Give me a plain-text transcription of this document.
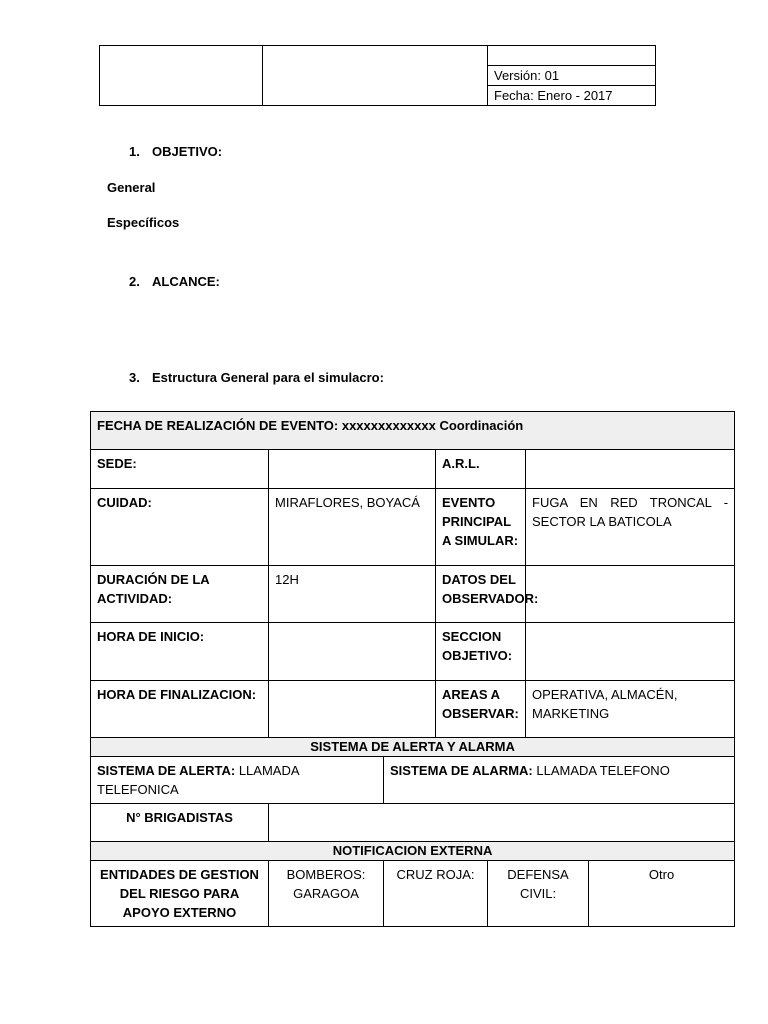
Versión: 01
Fecha: Enero - 2017
1. OBJETIVO:
General
Específicos
2. ALCANCE:
3. Estructura General para el simulacro:
FECHA DE REALIZACIÓN DE EVENTO: xxxxxxxxxxxxx Coordinación						
SEDE:			A.R.L.			
CUIDAD:	MIRAFLORES, BOYACÁ		EVENTO PRINCIPAL A SIMULAR:		FUGA EN RED TRONCAL - SECTOR LA BATICOLA	
DURACIÓN DE LA ACTIVIDAD:	12H		DATOS DEL OBSERVADOR:			
HORA DE INICIO:			SECCION OBJETIVO:			
HORA DE FINALIZACION:			AREAS A OBSERVAR:		OPERATIVA, ALMACÉN, MARKETING	
SISTEMA DE ALERTA Y ALARMA						
SISTEMA DE ALERTA: LLAMADA TELEFONICA		SISTEMA DE ALARMA: LLAMADA TELEFONO				
N° BRIGADISTAS						
NOTIFICACION EXTERNA						
ENTIDADES DE GESTION DEL RIESGO PARA APOYO EXTERNO	BOMBEROS: GARAGOA	CRUZ ROJA:		DEFENSA CIVIL:		Otro
